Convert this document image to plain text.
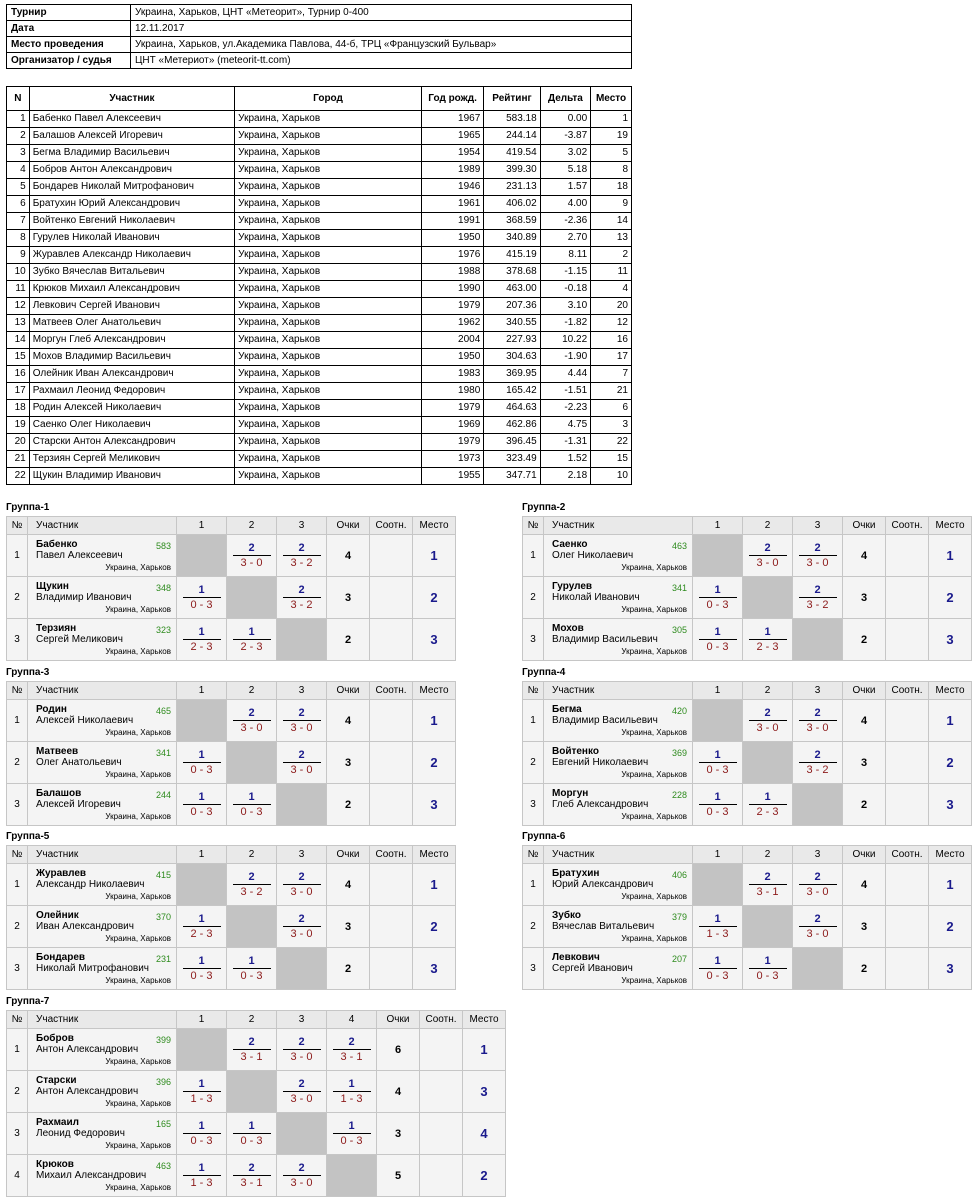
Турнир	Украина, Харьков, ЦНТ «Метеорит», Турнир 0-400
Дата	12.11.2017
Место проведения	Украина, Харьков, ул.Академика Павлова, 44-б, ТРЦ «Французский Бульвар»
Организатор / судья	ЦНТ «Метериот» (meteorit-tt.com)
N	Участник	Город	Год рожд.	Рейтинг	Дельта	Место
1	Бабенко Павел Алексеевич	Украина, Харьков	1967	583.18	0.00	1
2	Балашов Алексей Игоревич	Украина, Харьков	1965	244.14	-3.87	19
3	Бегма Владимир Васильевич	Украина, Харьков	1954	419.54	3.02	5
4	Бобров Антон Александрович	Украина, Харьков	1989	399.30	5.18	8
5	Бондарев Николай Митрофанович	Украина, Харьков	1946	231.13	1.57	18
6	Братухин Юрий Александрович	Украина, Харьков	1961	406.02	4.00	9
7	Войтенко Евгений Николаевич	Украина, Харьков	1991	368.59	-2.36	14
8	Гурулев Николай Иванович	Украина, Харьков	1950	340.89	2.70	13
9	Журавлев Александр Николаевич	Украина, Харьков	1976	415.19	8.11	2
10	Зубко Вячеслав Витальевич	Украина, Харьков	1988	378.68	-1.15	11
11	Крюков Михаил Александрович	Украина, Харьков	1990	463.00	-0.18	4
12	Левкович Сергей Иванович	Украина, Харьков	1979	207.36	3.10	20
13	Матвеев Олег Анатольевич	Украина, Харьков	1962	340.55	-1.82	12
14	Моргун Глеб Александрович	Украина, Харьков	2004	227.93	10.22	16
15	Мохов Владимир Васильевич	Украина, Харьков	1950	304.63	-1.90	17
16	Олейник Иван Александрович	Украина, Харьков	1983	369.95	4.44	7
17	Рахмаил Леонид Федорович	Украина, Харьков	1980	165.42	-1.51	21
18	Родин Алексей Николаевич	Украина, Харьков	1979	464.63	-2.23	6
19	Саенко Олег Николаевич	Украина, Харьков	1969	462.86	4.75	3
20	Старски Антон Александрович	Украина, Харьков	1979	396.45	-1.31	22
21	Терзиян Сергей Меликович	Украина, Харьков	1973	323.49	1.52	15
22	Щукин Владимир Иванович	Украина, Харьков	1955	347.71	2.18	10
Группа-1
№	Участник	1	2	3	Очки	Соотн.	Место
1	Бабенко
Павел Алексеевич
583
Украина, Харьков		$\frac{2}{3 - 0}$	$\frac{2}{3 - 2}$	4		1
2	Щукин
Владимир Иванович
348
Украина, Харьков	$\frac{1}{0 - 3}$		$\frac{2}{3 - 2}$	3		2
3	Терзиян
Сергей Меликович
323
Украина, Харьков	$\frac{1}{2 - 3}$	$\frac{1}{2 - 3}$		2		3
Группа-2
№	Участник	1	2	3	Очки	Соотн.	Место
1	Саенко
Олег Николаевич
463
Украина, Харьков		$\frac{2}{3 - 0}$	$\frac{2}{3 - 0}$	4		1
2	Гурулев
Николай Иванович
341
Украина, Харьков	$\frac{1}{0 - 3}$		$\frac{2}{3 - 2}$	3		2
3	Мохов
Владимир Васильевич
305
Украина, Харьков	$\frac{1}{0 - 3}$	$\frac{1}{2 - 3}$		2		3
Группа-3
№	Участник	1	2	3	Очки	Соотн.	Место
1	Родин
Алексей Николаевич
465
Украина, Харьков		$\frac{2}{3 - 0}$	$\frac{2}{3 - 0}$	4		1
2	Матвеев
Олег Анатольевич
341
Украина, Харьков	$\frac{1}{0 - 3}$		$\frac{2}{3 - 0}$	3		2
3	Балашов
Алексей Игоревич
244
Украина, Харьков	$\frac{1}{0 - 3}$	$\frac{1}{0 - 3}$		2		3
Группа-4
№	Участник	1	2	3	Очки	Соотн.	Место
1	Бегма
Владимир Васильевич
420
Украина, Харьков		$\frac{2}{3 - 0}$	$\frac{2}{3 - 0}$	4		1
2	Войтенко
Евгений Николаевич
369
Украина, Харьков	$\frac{1}{0 - 3}$		$\frac{2}{3 - 2}$	3		2
3	Моргун
Глеб Александрович
228
Украина, Харьков	$\frac{1}{0 - 3}$	$\frac{1}{2 - 3}$		2		3
Группа-5
№	Участник	1	2	3	Очки	Соотн.	Место
1	Журавлев
Александр Николаевич
415
Украина, Харьков		$\frac{2}{3 - 2}$	$\frac{2}{3 - 0}$	4		1
2	Олейник
Иван Александрович
370
Украина, Харьков	$\frac{1}{2 - 3}$		$\frac{2}{3 - 0}$	3		2
3	Бондарев
Николай Митрофанович
231
Украина, Харьков	$\frac{1}{0 - 3}$	$\frac{1}{0 - 3}$		2		3
Группа-6
№	Участник	1	2	3	Очки	Соотн.	Место
1	Братухин
Юрий Александрович
406
Украина, Харьков		$\frac{2}{3 - 1}$	$\frac{2}{3 - 0}$	4		1
2	Зубко
Вячеслав Витальевич
379
Украина, Харьков	$\frac{1}{1 - 3}$		$\frac{2}{3 - 0}$	3		2
3	Левкович
Сергей Иванович
207
Украина, Харьков	$\frac{1}{0 - 3}$	$\frac{1}{0 - 3}$		2		3
Группа-7
№	Участник	1	2	3	4	Очки	Соотн.	Место
1	Бобров
Антон Александрович
399
Украина, Харьков		$\frac{2}{3 - 1}$	$\frac{2}{3 - 0}$	$\frac{2}{3 - 1}$	6		1
2	Старски
Антон Александрович
396
Украина, Харьков	$\frac{1}{1 - 3}$		$\frac{2}{3 - 0}$	$\frac{1}{1 - 3}$	4		3
3	Рахмаил
Леонид Федорович
165
Украина, Харьков	$\frac{1}{0 - 3}$	$\frac{1}{0 - 3}$		$\frac{1}{0 - 3}$	3		4
4	Крюков
Михаил Александрович
463
Украина, Харьков	$\frac{1}{1 - 3}$	$\frac{2}{3 - 1}$	$\frac{2}{3 - 0}$		5		2
